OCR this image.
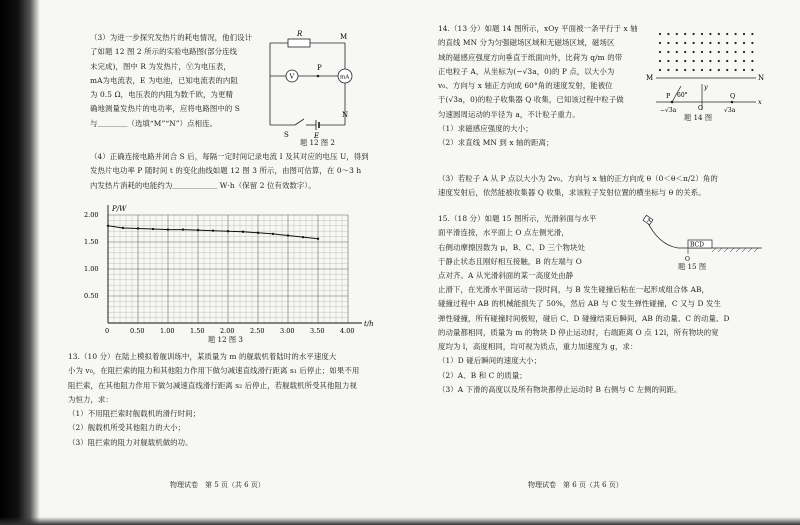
（3）为进一步探究发热片的耗电情况，他们设计
了如题 12 图 2 所示的实验电路图(部分连线
未完成)，图中 R 为发热片，Ⓥ为电压表，
mA为电流表，E 为电池，已知电流表的内阻
为 0.5 Ω，电压表的内阻为数千欧，为更精
确地测量发热片的电功率，应将电路图中的 S
与＿＿＿＿（选填“M”“N”）点相连。
R	M
V
P
mA
S	E
N
题 12 图 2
（4）正确连接电路并闭合 S 后，每隔一定时间记录电流 I 及其对应的电压 U，得到
发热片电功率 P 随时间 t 的变化曲线如题 12 图 3 所示，由图可估算，在 0～3 h
内发热片消耗的电能约为＿＿＿＿＿＿ W·h（保留 2 位有效数字）。
P/W
t/h
0	0.50 1.00 1.50 2.00 2.50 3.00 3.50 4.00
0.50
1.00
1.50
2.00
题 12 图 3
13.（10 分）在陆上模拟着舰训练中，某质量为 m 的舰载机着陆时的水平速度大
小为 v₀，在阻拦索的阻力和其他阻力作用下做匀减速直线滑行距离 s₁ 后停止；如果不用
阻拦索，在其他阻力作用下做匀减速直线滑行距离 s₂ 后停止，若舰载机所受其他阻力视
为恒力，求：
（1）不用阻拦索时舰载机的滑行时间；
（2）舰载机所受其他阻力的大小；
（3）阻拦索的阻力对舰载机做的功。
物理试卷　第 5 页（共 6 页）
14.（13 分）如题 14 图所示，xOy 平面被一条平行于 x 轴
的直线 MN 分为匀强磁场区域和无磁场区域，磁场区
域的磁感应强度方向垂直于纸面向外，比荷为 q/m 的带
正电粒子 A，从坐标为(−√3a，0)的 P 点，以大小为
v₀、方向与 x 轴正方向成 60°角的速度发射，能被位
于(√3a，0)的粒子收集器 Q 收集，已知该过程中粒子做
匀速圆周运动的半径为 a，不计粒子重力。
（1）求磁感应强度的大小；
（2）求直线 MN 到 x 轴的距离；
（3）若粒子 A 从 P 点以大小为 2v₀、方向与 x 轴的正方向成 θ（0＜θ＜π/2）角的
速度发射后，依然能被收集器 Q 收集，求该粒子发射位置的横坐标与 θ 的关系。
M	N
y
x
P 60°	Q
O
−√3a	√3a
题 14 图
15.（18 分）如题 15 图所示，光滑斜面与水平
面平滑连接，水平面上 O 点左侧光滑，
右侧动摩擦因数为 μ，B、C、D 三个物块处
于静止状态且刚好相互接触，B 的左端与 O
点对齐。A 从光滑斜面的某一高度处由静
止滑下，在光滑水平面运动一段时间，与 B 发生碰撞后粘在一起形成组合体 AB，
碰撞过程中 AB 的机械能损失了 50%，然后 AB 与 C 发生弹性碰撞，C 又与 D 发生
弹性碰撞，所有碰撞时间极短，碰后 C、D 碰撞结束后瞬间，AB 的动量、C 的动量、D
的动量都相同，质量为 m 的物块 D 停止运动时，右端距离 O 点 12l，所有物块的宽
度均为 l，高度相同，均可视为质点，重力加速度为 g，求：
（1）D 碰后瞬间的速度大小；
（2）A、B 和 C 的质量；
（3）A 下滑的高度以及所有物块都停止运动时 B 右侧与 C 左侧的间距。
A
BCD
O
题 15 图
物理试卷　第 6 页（共 6 页）
